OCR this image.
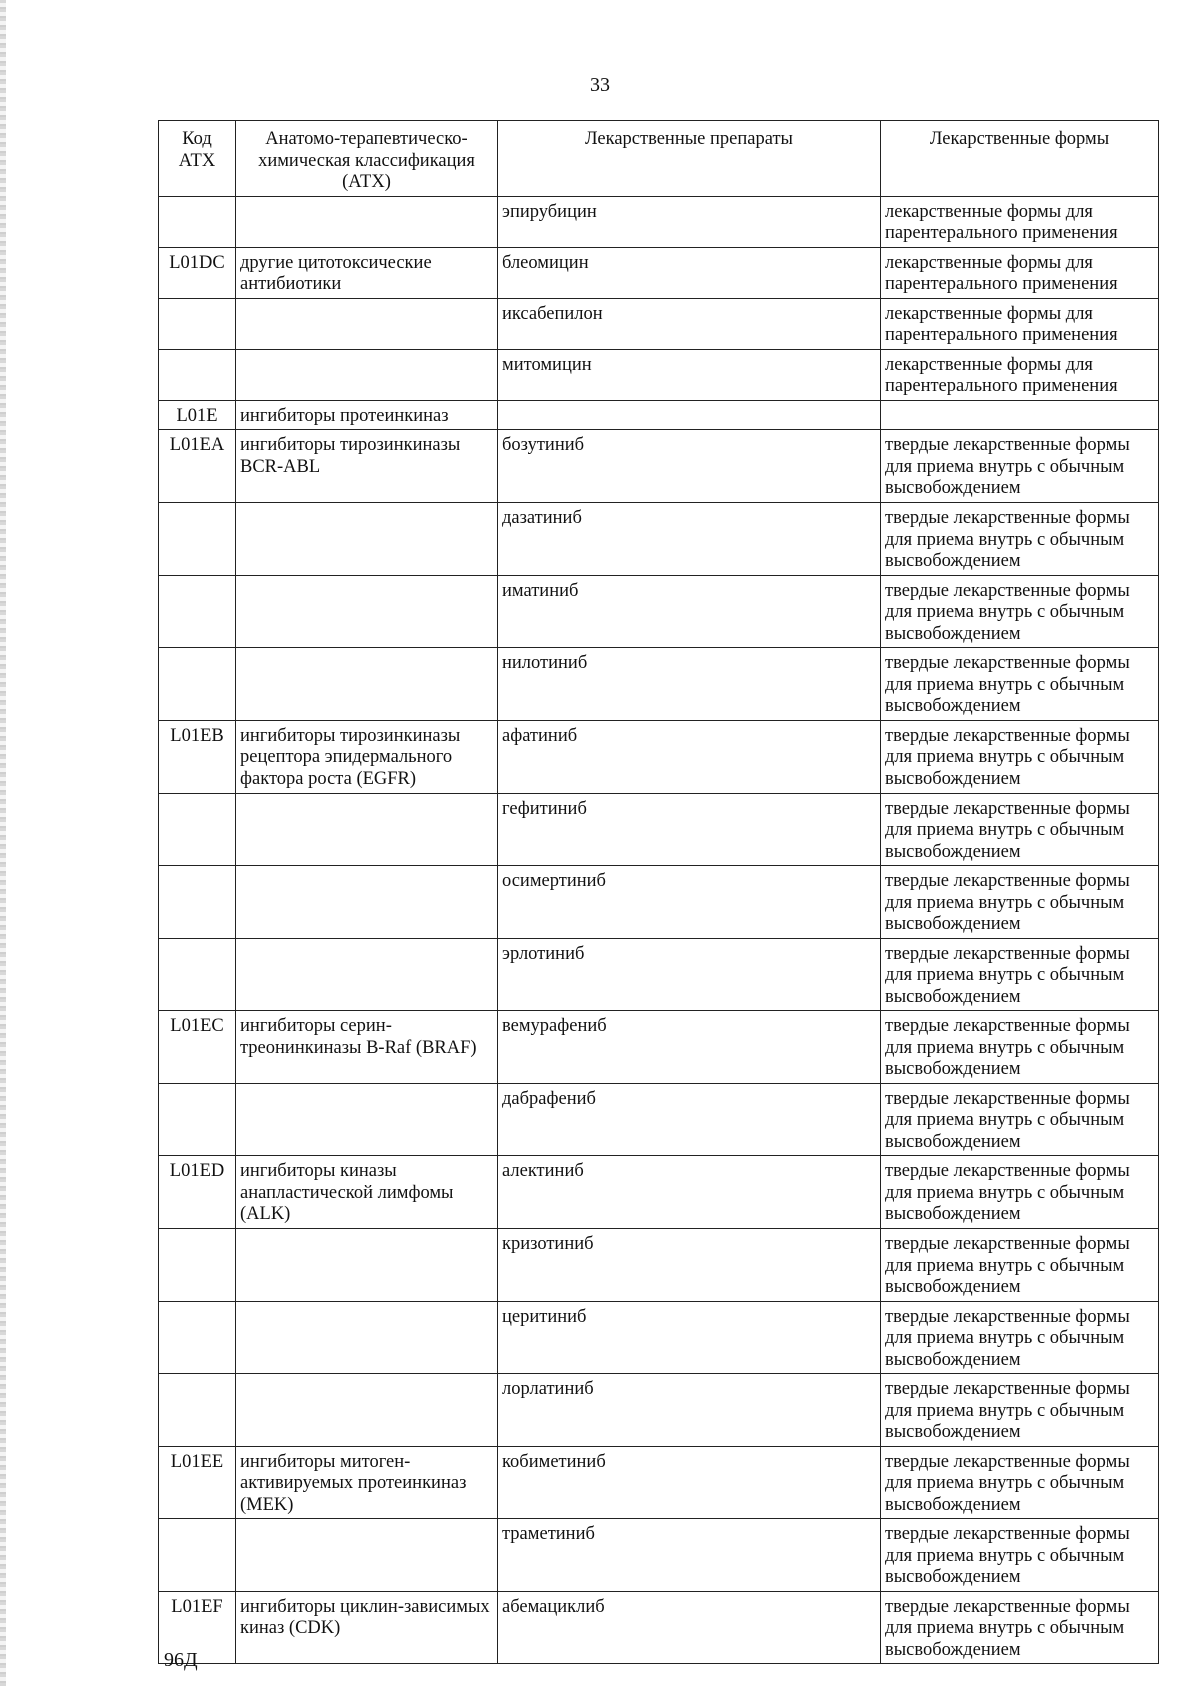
33
Код АТХ	Анатомо-терапевтическо-химическая классификация (АТХ)	Лекарственные препараты	Лекарственные формы
		эпирубицин	лекарственные формы для парентерального применения
L01DC	другие цитотоксические антибиотики	блеомицин	лекарственные формы для парентерального применения
		иксабепилон	лекарственные формы для парентерального применения
		митомицин	лекарственные формы для парентерального применения
L01E	ингибиторы протеинкиназ		
L01EA	ингибиторы тирозинкиназы BCR-ABL	бозутиниб	твердые лекарственные формы для приема внутрь с обычным высвобождением
		дазатиниб	твердые лекарственные формы для приема внутрь с обычным высвобождением
		иматиниб	твердые лекарственные формы для приема внутрь с обычным высвобождением
		нилотиниб	твердые лекарственные формы для приема внутрь с обычным высвобождением
L01EB	ингибиторы тирозинкиназы рецептора эпидермального фактора роста (EGFR)	афатиниб	твердые лекарственные формы для приема внутрь с обычным высвобождением
		гефитиниб	твердые лекарственные формы для приема внутрь с обычным высвобождением
		осимертиниб	твердые лекарственные формы для приема внутрь с обычным высвобождением
		эрлотиниб	твердые лекарственные формы для приема внутрь с обычным высвобождением
L01EC	ингибиторы серин-треонинкиназы B-Raf (BRAF)	вемурафениб	твердые лекарственные формы для приема внутрь с обычным высвобождением
		дабрафениб	твердые лекарственные формы для приема внутрь с обычным высвобождением
L01ED	ингибиторы киназы анапластической лимфомы (ALK)	алектиниб	твердые лекарственные формы для приема внутрь с обычным высвобождением
		кризотиниб	твердые лекарственные формы для приема внутрь с обычным высвобождением
		церитиниб	твердые лекарственные формы для приема внутрь с обычным высвобождением
		лорлатиниб	твердые лекарственные формы для приема внутрь с обычным высвобождением
L01EE	ингибиторы митоген-активируемых протеинкиназ (MEK)	кобиметиниб	твердые лекарственные формы для приема внутрь с обычным высвобождением
		траметиниб	твердые лекарственные формы для приема внутрь с обычным высвобождением
L01EF	ингибиторы циклин-зависимых киназ (CDK)	абемациклиб	твердые лекарственные формы для приема внутрь с обычным высвобождением
96Д
